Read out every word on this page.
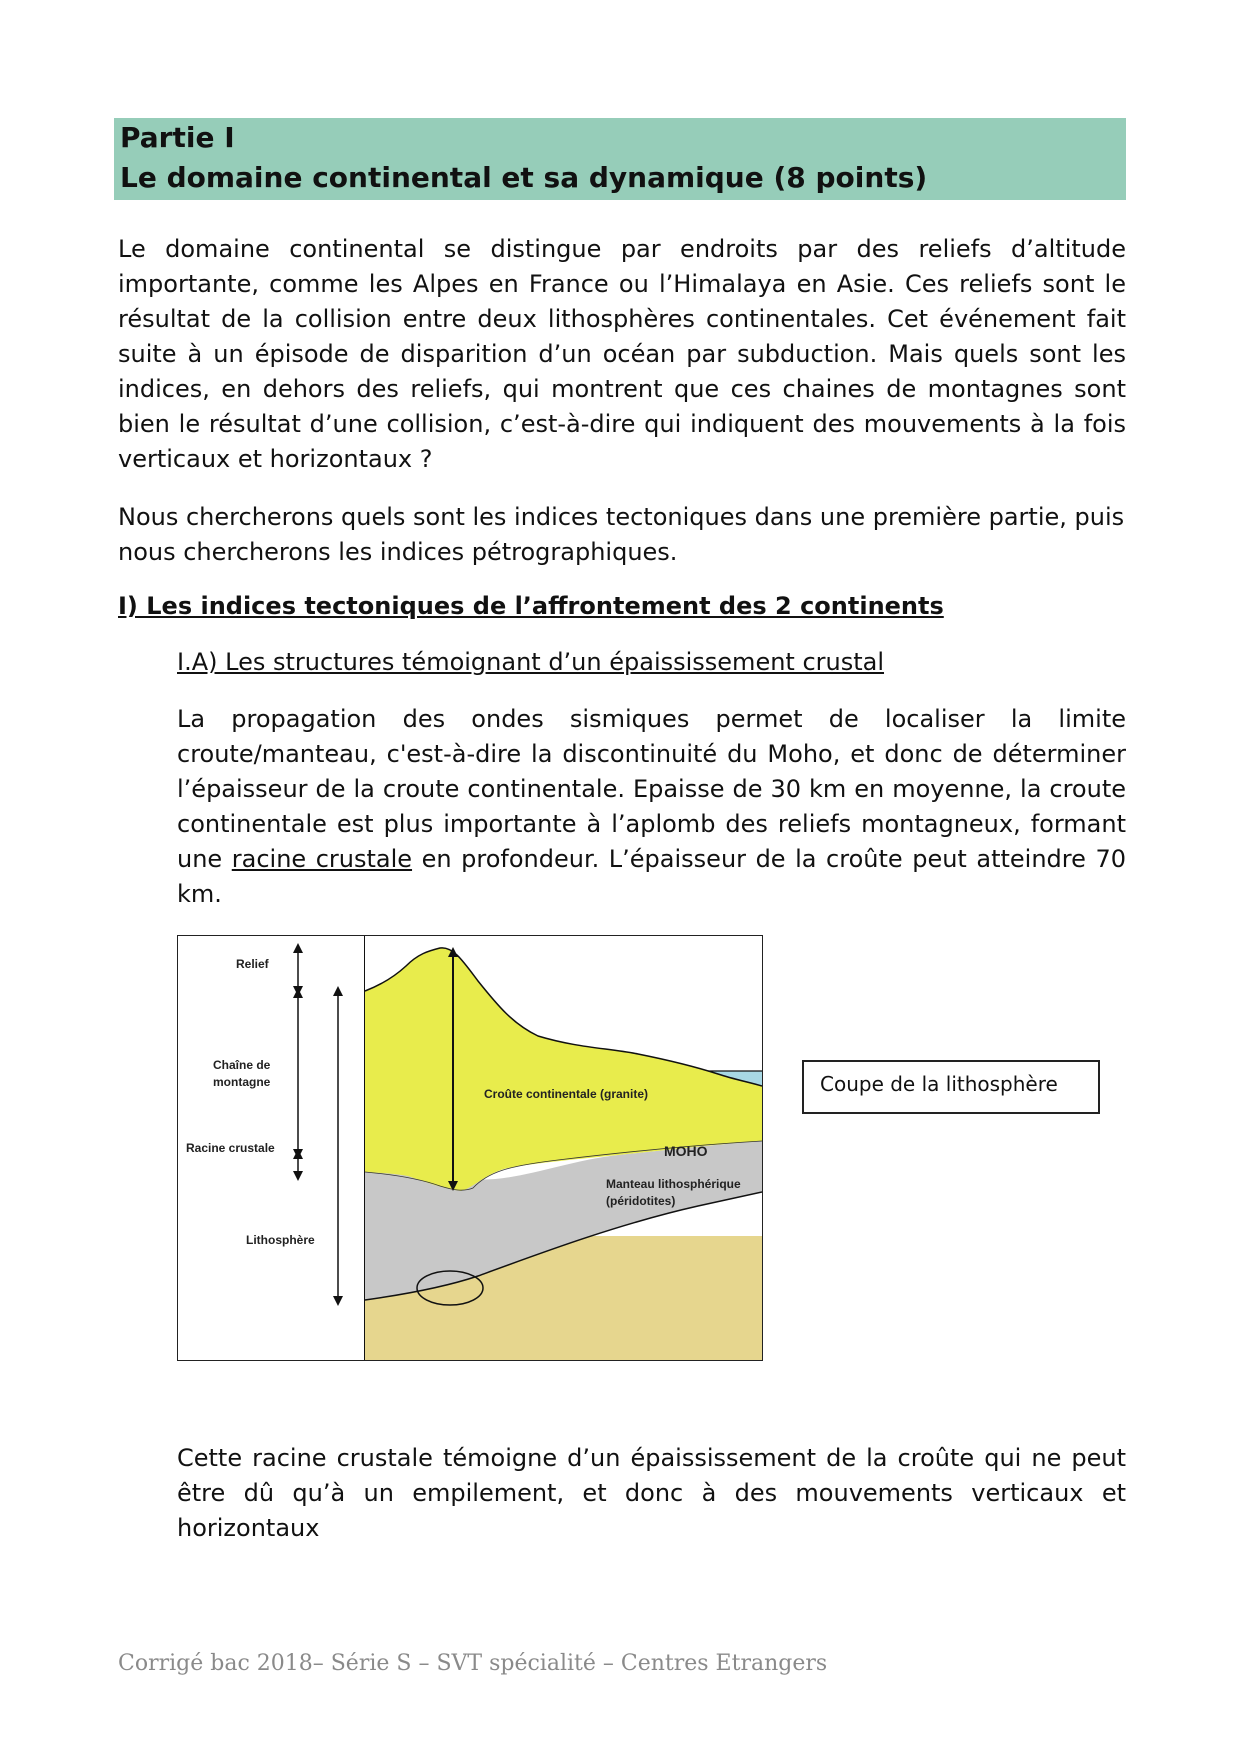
Partie I
Le domaine continental et sa dynamique (8 points)
Le domaine continental se distingue par endroits par des reliefs d’altitude importante, comme les Alpes en France ou l’Himalaya en Asie. Ces reliefs sont le résultat de la collision entre deux lithosphères continentales. Cet événement fait suite à un épisode de disparition d’un océan par subduction. Mais quels sont les indices, en dehors des reliefs, qui montrent que ces chaines de montagnes sont bien le résultat d’une collision, c’est-à-dire qui indiquent des mouvements à la fois verticaux et horizontaux ?
Nous chercherons quels sont les indices tectoniques dans une première partie, puis nous chercherons les indices pétrographiques.
I) Les indices tectoniques de l’affrontement des 2 continents
I.A) Les structures témoignant d’un épaississement crustal
La propagation des ondes sismiques permet de localiser la limite croute/manteau, c'est-à-dire la discontinuité du Moho, et donc de déterminer l’épaisseur de la croute continentale. Epaisse de 30 km en moyenne, la croute continentale est plus importante à l’aplomb des reliefs montagneux, formant une racine crustale en profondeur. L’épaisseur de la croûte peut atteindre 70 km.
Relief
Chaîne de
montagne
Racine crustale
Lithosphère
Croûte continentale (granite)
MOHO
Manteau lithosphérique
(péridotites)
Coupe de la lithosphère
Cette racine crustale témoigne d’un épaississement de la croûte qui ne peut être dû qu’à un empilement, et donc à des mouvements verticaux et horizontaux
Corrigé bac 2018– Série S – SVT spécialité – Centres Etrangers
